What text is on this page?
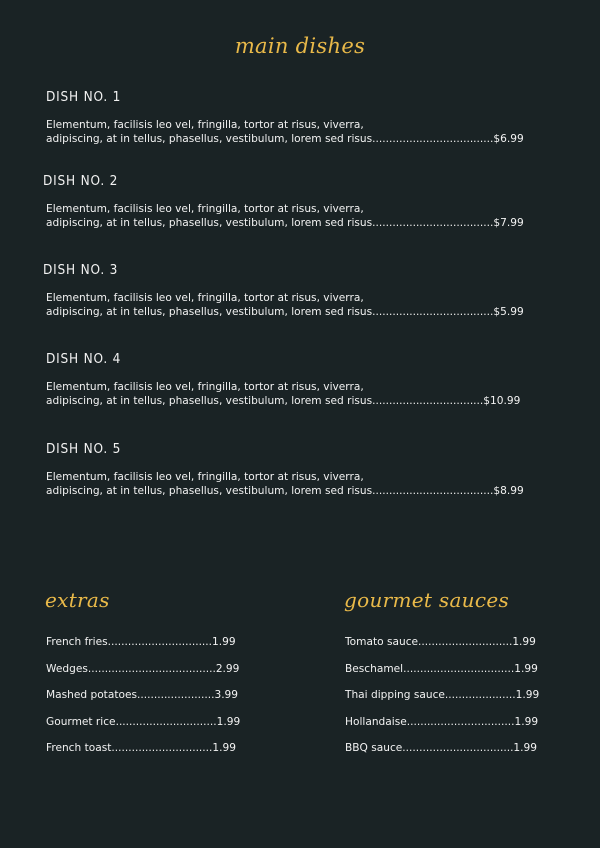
main dishes
DISH NO. 1
Elementum, facilisis leo vel, fringilla, tortor at risus, viverra,
adipiscing, at in tellus, phasellus, vestibulum, lorem sed risus....................................$6.99
DISH NO. 2
Elementum, facilisis leo vel, fringilla, tortor at risus, viverra,
adipiscing, at in tellus, phasellus, vestibulum, lorem sed risus....................................$7.99
DISH NO. 3
Elementum, facilisis leo vel, fringilla, tortor at risus, viverra,
adipiscing, at in tellus, phasellus, vestibulum, lorem sed risus....................................$5.99
DISH NO. 4
Elementum, facilisis leo vel, fringilla, tortor at risus, viverra,
adipiscing, at in tellus, phasellus, vestibulum, lorem sed risus.................................$10.99
DISH NO. 5
Elementum, facilisis leo vel, fringilla, tortor at risus, viverra,
adipiscing, at in tellus, phasellus, vestibulum, lorem sed risus....................................$8.99
extras
French fries...............................1.99
Wedges......................................2.99
Mashed potatoes.......................3.99
Gourmet rice..............................1.99
French toast..............................1.99
gourmet sauces
Tomato sauce............................1.99
Beschamel.................................1.99
Thai dipping sauce.....................1.99
Hollandaise................................1.99
BBQ sauce.................................1.99
